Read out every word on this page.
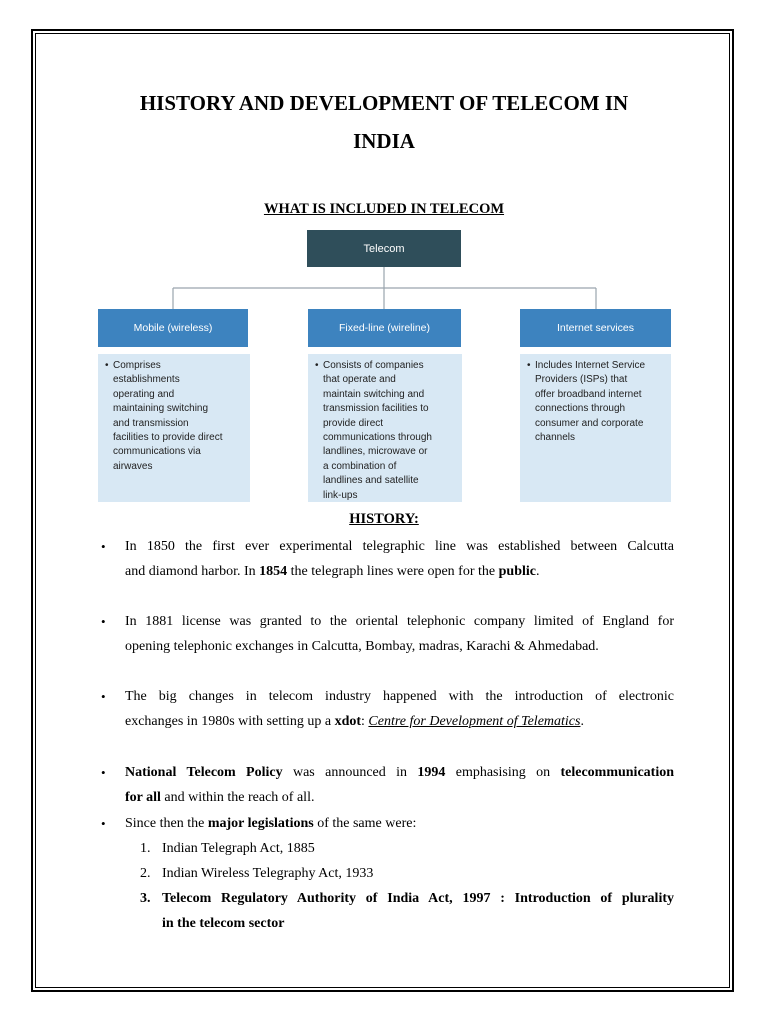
HISTORY AND DEVELOPMENT OF TELECOM IN
INDIA
WHAT IS INCLUDED IN TELECOM
Telecom
Mobile (wireless)	Fixed-line (wireline)	Internet services
• Comprises
establishments
operating and
maintaining switching
and transmission
facilities to provide direct
communications via
airwaves
• Consists of companies
that operate and
maintain switching and
transmission facilities to
provide direct
communications through
landlines, microwave or
a combination of
landlines and satellite
link-ups
• Includes Internet Service
Providers (ISPs) that
offer broadband internet
connections through
consumer and corporate
channels
HISTORY:
• In 1850 the first ever experimental telegraphic line was established between Calcutta
and diamond harbor. In 1854 the telegraph lines were open for the public.
• In 1881 license was granted to the oriental telephonic company limited of England for
opening telephonic exchanges in Calcutta, Bombay, madras, Karachi & Ahmedabad.
• The big changes in telecom industry happened with the introduction of electronic
exchanges in 1980s with setting up a xdot: Centre for Development of Telematics.
• National Telecom Policy was announced in 1994 emphasising on telecommunication
for all and within the reach of all.
• Since then the major legislations of the same were:
1. Indian Telegraph Act, 1885
2. Indian Wireless Telegraphy Act, 1933
3. Telecom Regulatory Authority of India Act, 1997 : Introduction of plurality
in the telecom sector
